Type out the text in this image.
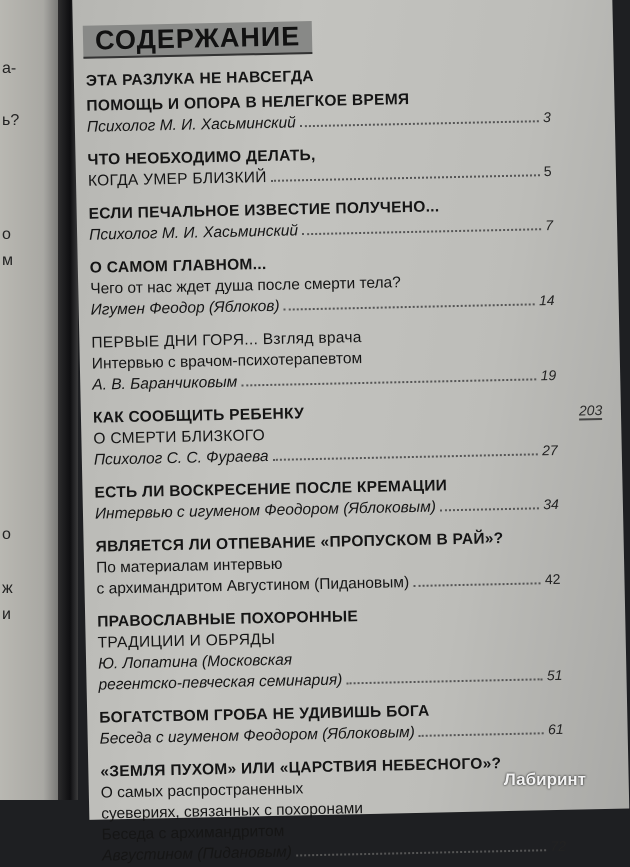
а-
ь?
о
м
о
ж
и
СОДЕРЖАНИЕ
ЭТА РАЗЛУКА НЕ НАВСЕГДА
ПОМОЩЬ И ОПОРА В НЕЛЕГКОЕ ВРЕМЯ
Психолог М. И. Хасьминский	3
ЧТО НЕОБХОДИМО ДЕЛАТЬ,
КОГДА УМЕР БЛИЗКИЙ	5
ЕСЛИ ПЕЧАЛЬНОЕ ИЗВЕСТИЕ ПОЛУЧЕНО...
Психолог М. И. Хасьминский	7
О САМОМ ГЛАВНОМ...
Чего от нас ждет душа после смерти тела?
Игумен Феодор (Яблоков)	14
ПЕРВЫЕ ДНИ ГОРЯ... Взгляд врача
Интервью с врачом-психотерапевтом
А. В. Баранчиковым	19
КАК СООБЩИТЬ РЕБЕНКУ
О СМЕРТИ БЛИЗКОГО
Психолог С. С. Фураева	27
ЕСТЬ ЛИ ВОСКРЕСЕНИЕ ПОСЛЕ КРЕМАЦИИ
Интервью с игуменом Феодором (Яблоковым)	34
ЯВЛЯЕТСЯ ЛИ ОТПЕВАНИЕ «ПРОПУСКОМ В РАЙ»?
По материалам интервью
с архимандритом Августином (Пидановым)	42
ПРАВОСЛАВНЫЕ ПОХОРОННЫЕ
ТРАДИЦИИ И ОБРЯДЫ
Ю. Лопатина (Московская
регентско-певческая семинария)	51
БОГАТСТВОМ ГРОБА НЕ УДИВИШЬ БОГА
Беседа с игуменом Феодором (Яблоковым)	61
«ЗЕМЛЯ ПУХОМ» ИЛИ «ЦАРСТВИЯ НЕБЕСНОГО»?
О самых распространенных
суевериях, связанных с похоронами
Беседа с архимандритом
Августином (Пидановым)	72
203
Лабиринт
